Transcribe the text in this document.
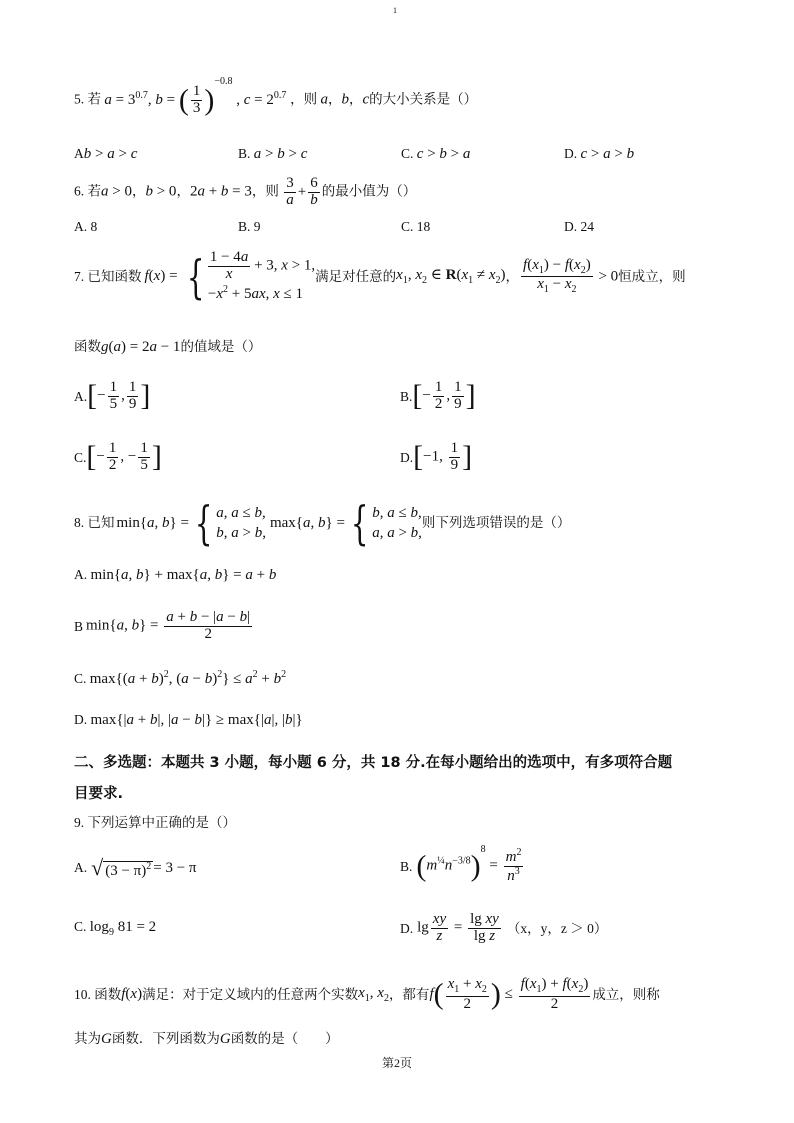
1
5. 若 $a = 3^{0.7}$, b = ( $\frac{1}{3} )^{-0.8}$ , $c = 2^{0.7}$ ，则 a，b，c的大小关系是（）
Ab > a > c	B. a > b > c	C. c > b > a	D. c > a > b
6. 若a > 0，b > 0，2a + b = 3，则 $\frac{3}{a} + \frac{6}{b}$ 的最小值为（）
A. 8	B. 9	C. 18	D. 24
7. 已知函数 f(x) = { $\frac{1 - 4a}{x} + 3$, x > 1,
$-x^2 + 5ax$, x ≤ 1
满足对任意的 $x_1$, $x_2$ ∈ $R(x_1 \ne x_2)$ ， $\frac{f(x_1) - f(x_2)}{x_1 - x_2} > 0$ 恒成立，则
函数g(a) = 2a − 1的值域是（）
A. [ − $\frac{1}{5}$ , $\frac{1}{9}$ ]	B. [ − $\frac{1}{2}$ , $\frac{1}{9}$ ]
C. [ − $\frac{1}{2}$ , − $\frac{1}{5}$ ]	D. [ −1, $\frac{1}{9}$ ]
8. 已知 min{a, b} = { a, a ≤ b,
b, a > b,
max{a, b} = { b, a ≤ b,
a, a > b,
则下列选项错误的是（）
A. min{a, b} + max{a, b} = a + b
B min{a, $b\} = \frac{a + b - |a - b|}{2}$
C. $\max\{(a + b)^2$, $(a - b)^2\} \le a^2 + b^2$
D. max{|a + b|, |a − b|} ≥ max{|a|, |b|}
二、多选题：本题共 3 小题，每小题 6 分，共 18 分.在每小题给出的选项中，有多项符合题
目要求.
9. 下列运算中正确的是（）
A. √ $(3 - \pi)^2 = 3 - \pi$	B. $(m^{\frac{1}{4}}n^{-3/8})^8 = \frac{m^2}{n^3}$
C. $\log_9 81 = 2$	D. $\lg \frac{xy}{z} = \frac{\text{lg xy}}{\text{lg z}} (x$，y，z ＞ 0）
10. 函数 f(x) 满足：对于定义域内的任意两个实数 $x_1$, $x_2$ ，都有 $f( \frac{x_1 + x_2}{2}$ ) ≤ $\frac{f(x_1) + f(x_2)}{2}$ 成立，则称
其为G函数．下列函数为G函数的是（　　）
第2页
